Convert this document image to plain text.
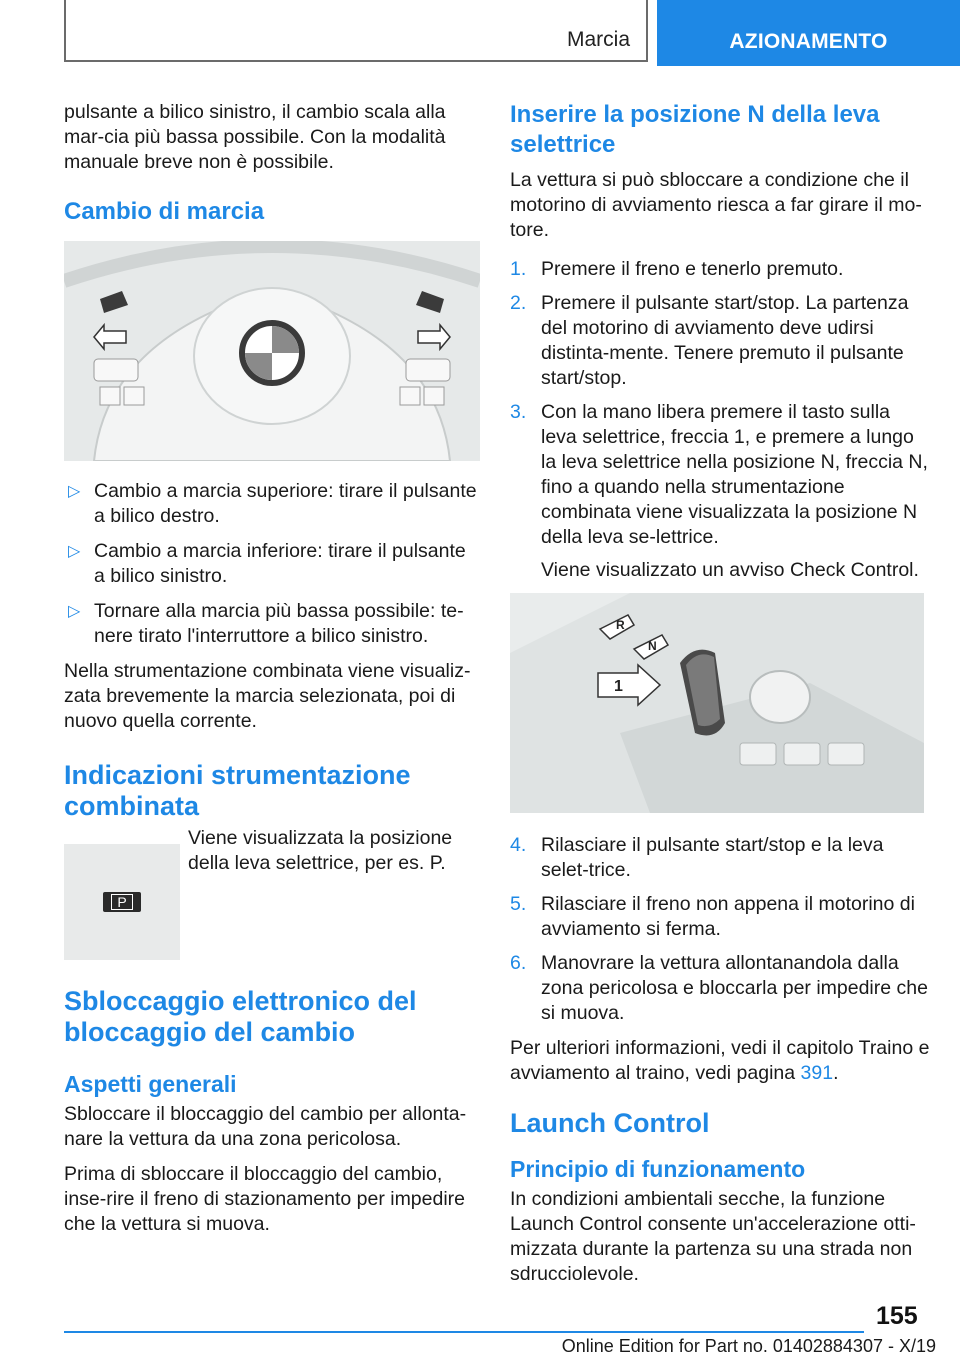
Marcia	AZIONAMENTO

pulsante a bilico sinistro, il cambio scala alla mar-cia più bassa possibile. Con la modalità manuale breve non è possibile.

Cambio di marcia
▷ Cambio a marcia superiore: tirare il pulsante a bilico destro.
▷ Cambio a marcia inferiore: tirare il pulsante a bilico sinistro.
▷ Tornare alla marcia più bassa possibile: te-nere tirato l'interruttore a bilico sinistro.

Nella strumentazione combinata viene visualiz-zata brevemente la marcia selezionata, poi di nuovo quella corrente.

Indicazioni strumentazione combinata
P

Viene visualizzata la posizione della leva selettrice, per es. P.

Sbloccaggio elettronico del bloccaggio del cambio
Aspetti generali

Sbloccare il bloccaggio del cambio per allonta-nare la vettura da una zona pericolosa.

Prima di sbloccare il bloccaggio del cambio, inse-rire il freno di stazionamento per impedire che la vettura si muova.

Inserire la posizione N della leva selettrice

La vettura si può sbloccare a condizione che il motorino di avviamento riesca a far girare il mo-tore.

1. Premere il freno e tenerlo premuto.
2. Premere il pulsante start/stop. La partenza del motorino di avviamento deve udirsi distinta-mente. Tenere premuto il pulsante start/stop.
3. Con la mano libera premere il tasto sulla leva selettrice, freccia 1, e premere a lungo la leva selettrice nella posizione N, freccia N, fino a quando nella strumentazione combinata viene visualizzata la posizione N della leva se-lettrice.
Viene visualizzato un avviso Check Control.
R
N
1
4. Rilasciare il pulsante start/stop e la leva selet-trice.
5. Rilasciare il freno non appena il motorino di avviamento si ferma.
6. Manovrare la vettura allontanandola dalla zona pericolosa e bloccarla per impedire che si muova.

Per ulteriori informazioni, vedi il capitolo Traino e avviamento al traino, vedi pagina 391.

Launch Control
Principio di funzionamento

In condizioni ambientali secche, la funzione Launch Control consente un'accelerazione otti-mizzata durante la partenza su una strada non sdrucciolevole.

155
Online Edition for Part no. 01402884307 - X/19
